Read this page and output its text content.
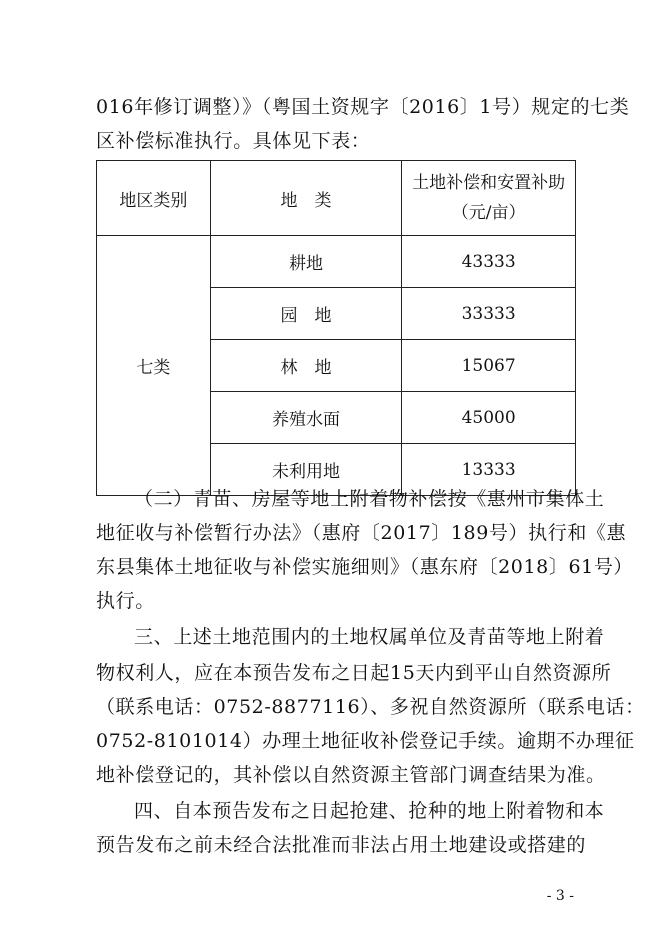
016年修订调整）》（粤国土资规字〔2016〕1号）规定的七类
区补偿标准执行。具体见下表：
地区类别	地　类	土地补偿和安置补助
（元/亩）

七类	耕地	43333
	园　地	33333
	林　地	15067
	养殖水面	45000
	未利用地	13333
（二）青苗、房屋等地上附着物补偿按《惠州市集体土
地征收与补偿暂行办法》（惠府〔2017〕189号）执行和《惠
东县集体土地征收与补偿实施细则》（惠东府〔2018〕61号）
执行。
三、上述土地范围内的土地权属单位及青苗等地上附着
物权利人，应在本预告发布之日起15天内到平山自然资源所
（联系电话：0752-8877116）、多祝自然资源所（联系电话：
0752-8101014）办理土地征收补偿登记手续。逾期不办理征
地补偿登记的，其补偿以自然资源主管部门调查结果为准。
四、自本预告发布之日起抢建、抢种的地上附着物和本
预告发布之前未经合法批准而非法占用土地建设或搭建的
- 3 -
